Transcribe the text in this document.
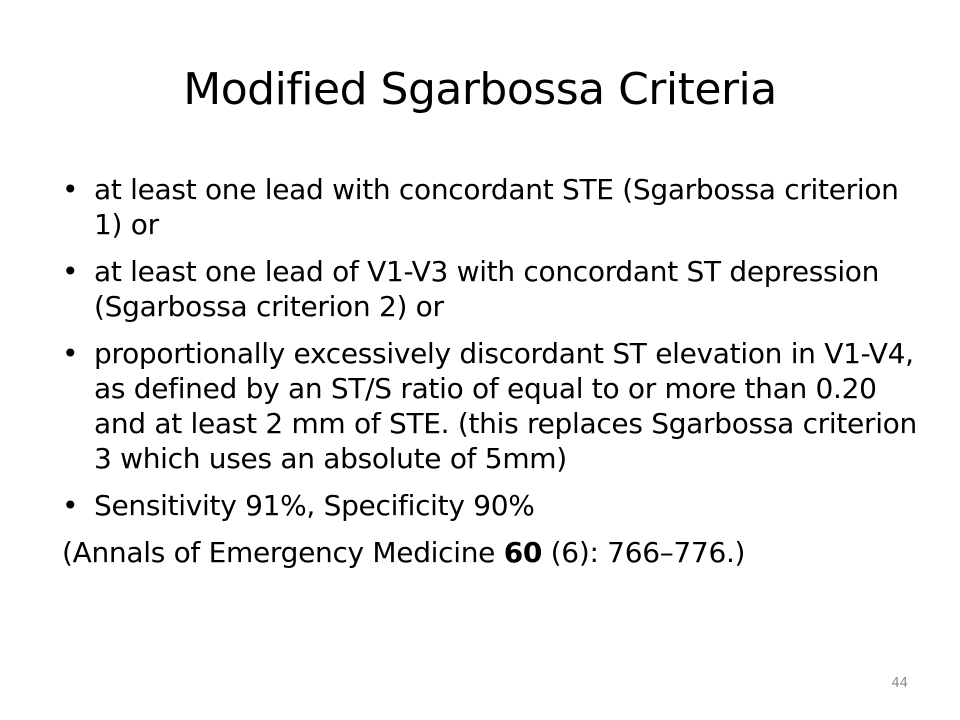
Modified Sgarbossa Criteria
• at least one lead with concordant STE (Sgarbossa criterion 1) or
• at least one lead of V1-V3 with concordant ST depression (Sgarbossa criterion 2) or
• proportionally excessively discordant ST elevation in V1-V4, as defined by an ST/S ratio of equal to or more than 0.20 and at least 2 mm of STE. (this replaces Sgarbossa criterion 3 which uses an absolute of 5mm)
• Sensitivity 91%, Specificity 90%

(Annals of Emergency Medicine 60 (6): 766–776.)

44
